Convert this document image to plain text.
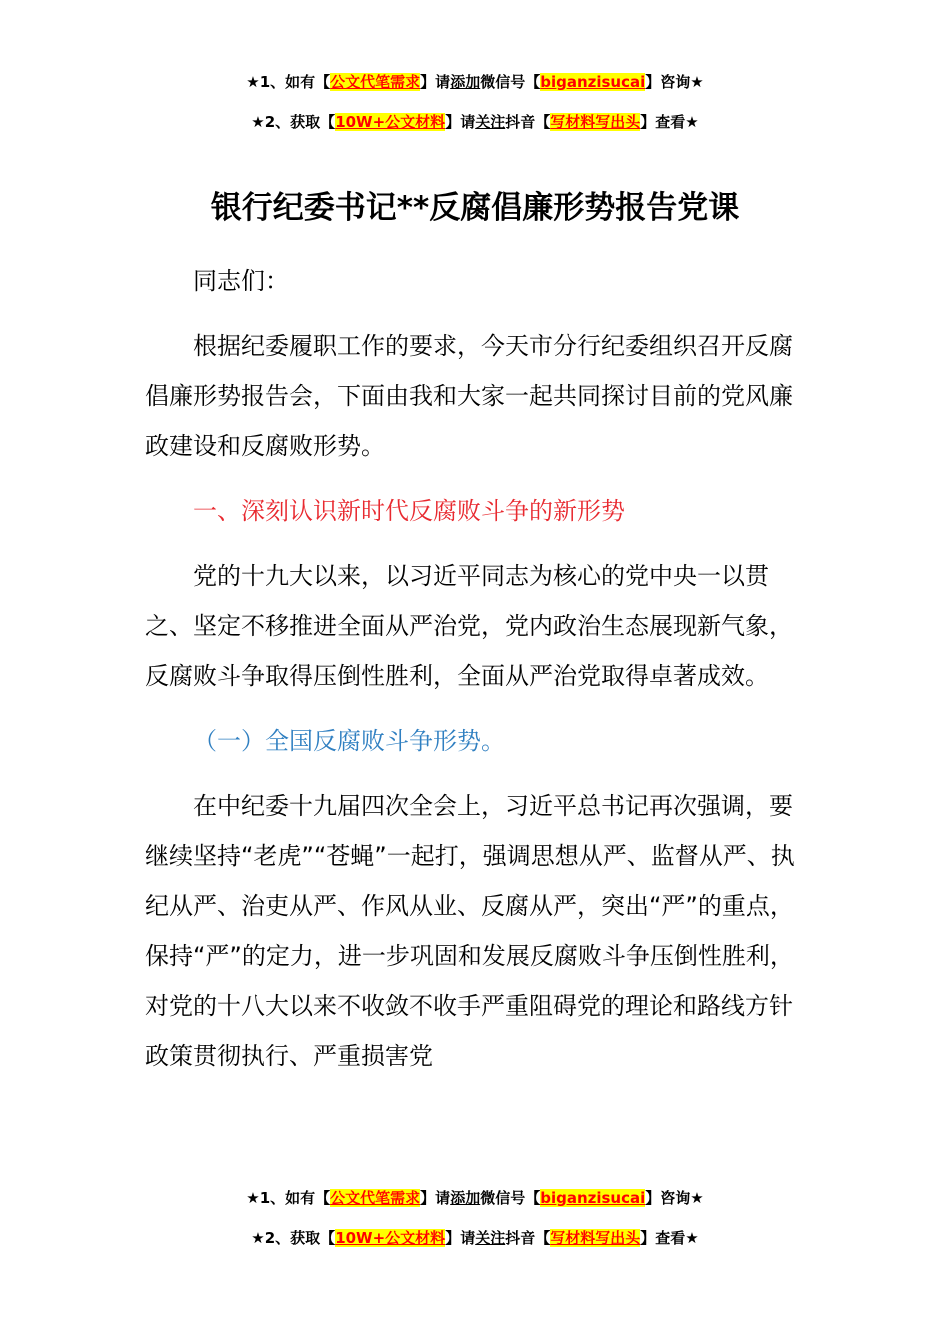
★1、如有【公文代笔需求】请添加微信号【biganzisucai】咨询★
★2、获取【10W+公文材料】请关注抖音【写材料写出头】查看★
银行纪委书记**反腐倡廉形势报告党课

同志们：

根据纪委履职工作的要求，今天市分行纪委组织召开反腐倡廉形势报告会，下面由我和大家一起共同探讨目前的党风廉政建设和反腐败形势。

一、深刻认识新时代反腐败斗争的新形势

党的十九大以来，以习近平同志为核心的党中央一以贯之、坚定不移推进全面从严治党，党内政治生态展现新气象，反腐败斗争取得压倒性胜利，全面从严治党取得卓著成效。

（一）全国反腐败斗争形势。

在中纪委十九届四次全会上，习近平总书记再次强调，要继续坚持“老虎”“苍蝇”一起打，强调思想从严、监督从严、执纪从严、治吏从严、作风从业、反腐从严，突出“严”的重点，保持“严”的定力，进一步巩固和发展反腐败斗争压倒性胜利，对党的十八大以来不收敛不收手严重阻碍党的理论和路线方针政策贯彻执行、严重损害党

★1、如有【公文代笔需求】请添加微信号【biganzisucai】咨询★
★2、获取【10W+公文材料】请关注抖音【写材料写出头】查看★
